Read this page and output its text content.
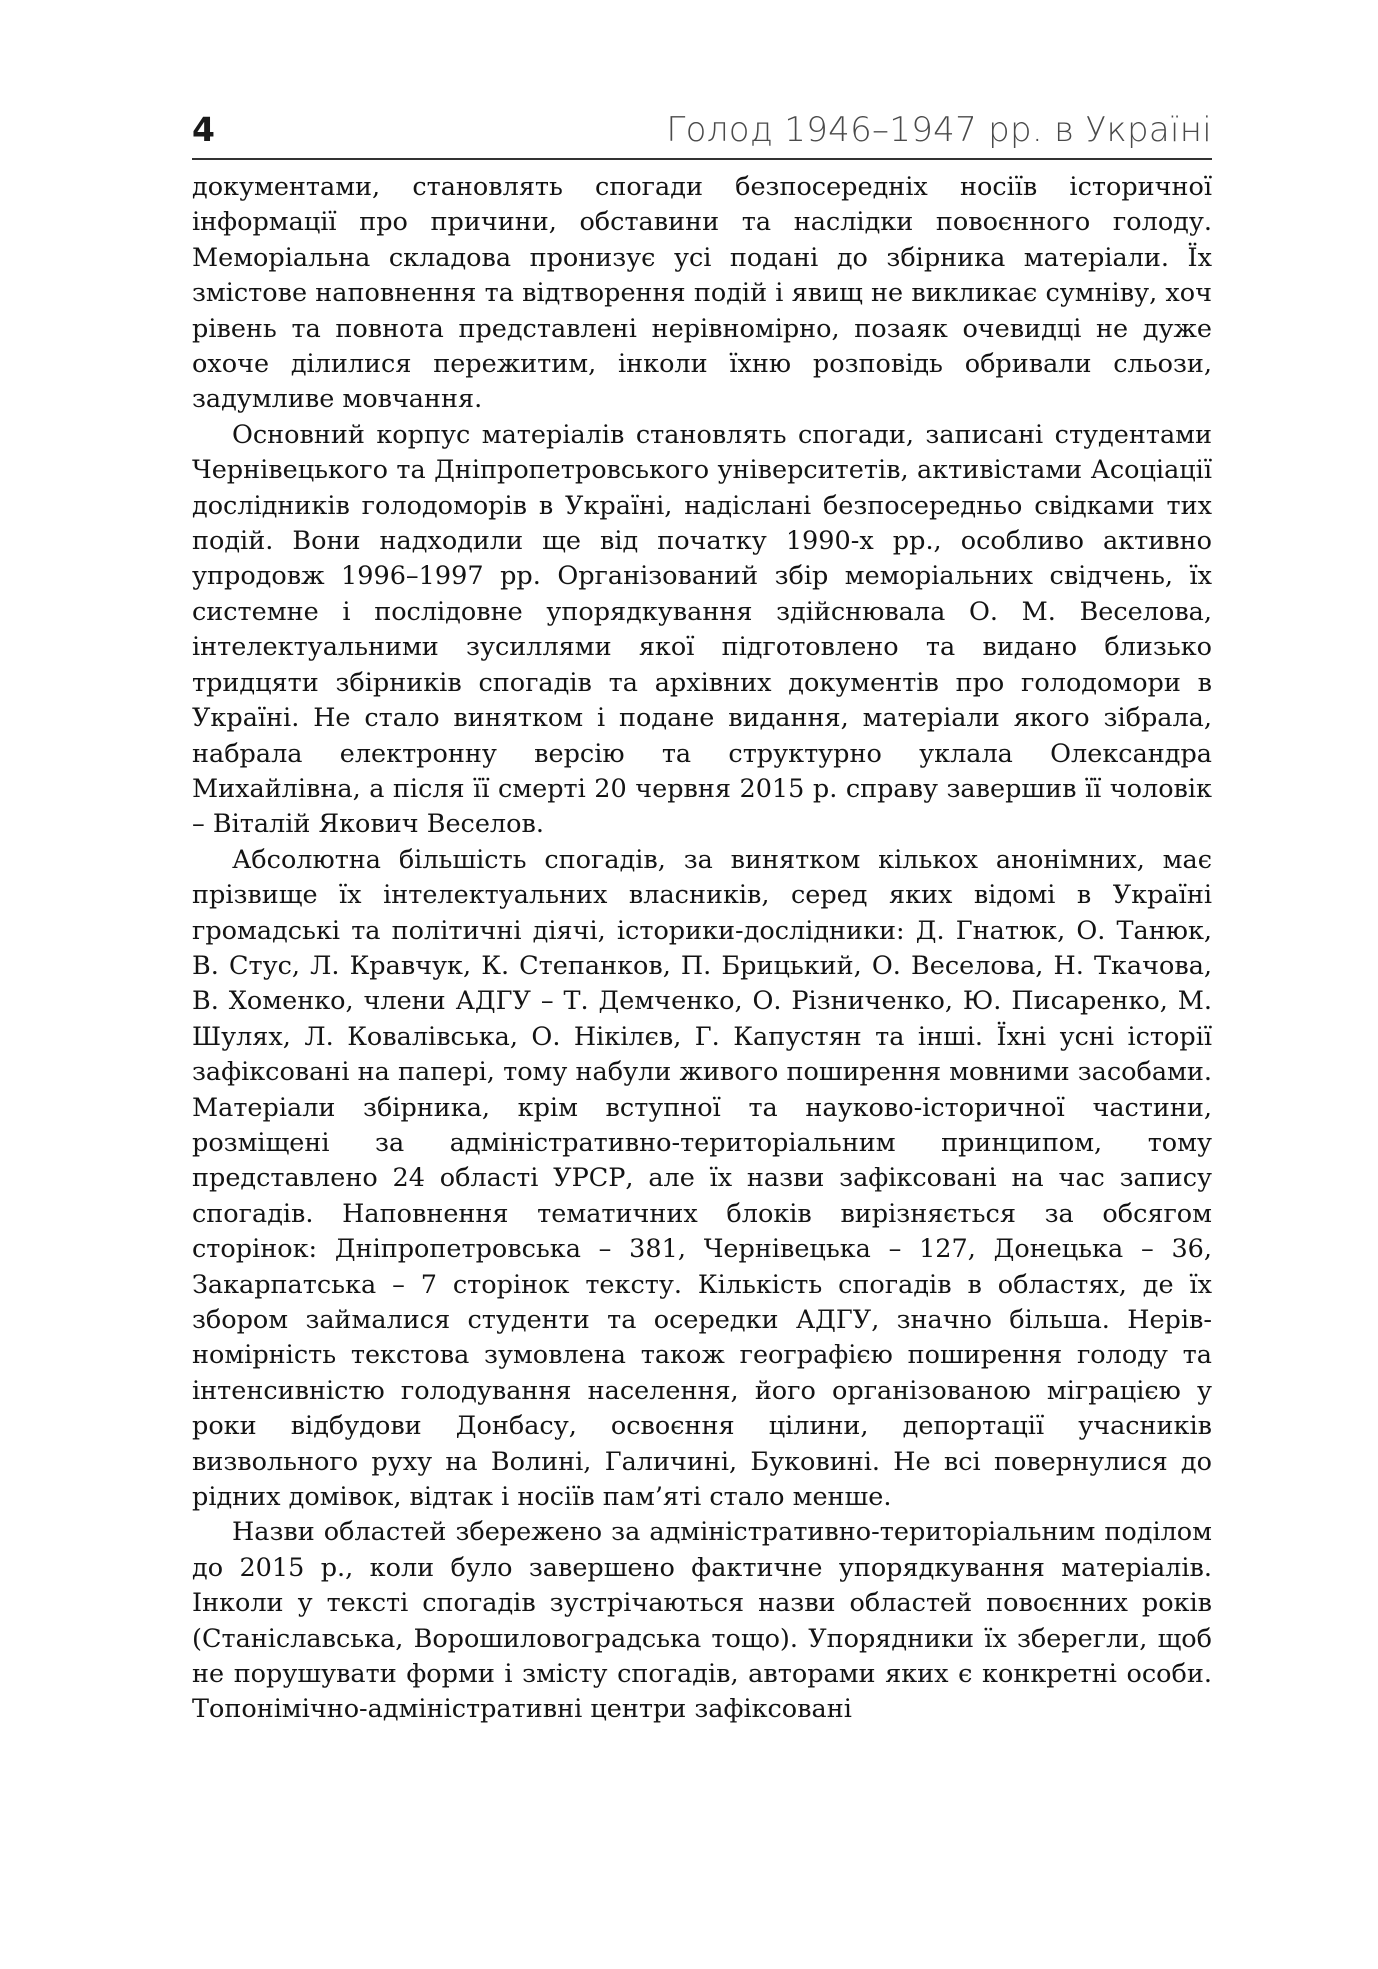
4	Голод 1946–1947 рр. в Україні

документами, становлять спогади безпосередніх носіїв історичної інформації про причини, обставини та наслідки повоєнного голоду. Меморіальна складова пронизує усі подані до збірника матеріали. Їх змістове наповнення та відтворення подій і явищ не викликає сумніву, хоч рівень та повнота представлені нерівномірно, позаяк очевидці не дуже охоче ділилися пережитим, інколи їхню розповідь обривали сльози, задумливе мовчання.

Основний корпус матеріалів становлять спогади, записані студентами Чернівецького та Дніпропетровського університетів, активістами Асоціації дослідників голодоморів в Україні, надіслані безпосередньо свідками тих подій. Вони надходили ще від початку 1990-х рр., особливо активно упродовж 1996–1997 рр. Організований збір меморіальних свідчень, їх системне і послідовне упорядкування здійснювала О. М. Веселова, інтелектуальними зусиллями якої підготовлено та видано близько тридцяти збірників спогадів та архівних документів про голодомори в Україні. Не стало винятком і подане видання, матеріали якого зібрала, набрала електронну версію та структурно уклала Олександра Михайлівна, а після її смерті 20 червня 2015 р. справу завершив її чоловік – Віталій Якович Веселов.

Абсолютна більшість спогадів, за винятком кількох анонімних, має прізвище їх інтелектуальних власників, серед яких відомі в Україні громадські та політичні діячі, історики-дослідники: Д. Гнатюк, О. Танюк, В. Стус, Л. Кравчук, К. Степанков, П. Брицький, О. Веселова, Н. Ткачова, В. Хоменко, члени АДГУ – Т. Демченко, О. Різниченко, Ю. Писаренко, М. Шулях, Л. Ковалівська, О. Нікілєв, Г. Капустян та інші. Їхні усні історії зафіксовані на папері, тому набули живого поширення мовними засобами. Матеріали збірника, крім вступної та науково-історичної частини, розміщені за адміністративно-територіальним принципом, тому представлено 24 області УРСР, але їх назви зафіксовані на час запису спогадів. Наповнення тематичних блоків вирізняється за обсягом сторінок: Дніпропетровська – 381, Чернівецька – 127, Донецька – 36, Закарпатська – 7 сторінок тексту. Кількість спогадів в областях, де їх збором займалися студенти та осередки АДГУ, значно більша. Нерівномірність текстова зумовлена також географією поширення голоду та інтенсивністю голодування населення, його організованою міграцією у роки відбудови Донбасу, освоєння цілини, депортації учасників визвольного руху на Волині, Галичині, Буковині. Не всі повернулися до рідних домівок, відтак і носіїв пам’яті стало менше.

Назви областей збережено за адміністративно-територіальним поділом до 2015 р., коли було завершено фактичне упорядкування матеріалів. Інколи у тексті спогадів зустрічаються назви областей повоєнних років (Станіславська, Ворошиловоградська тощо). Упорядники їх зберегли, щоб не порушувати форми і змісту спогадів, авторами яких є конкретні особи. Топонімічно-адміністративні центри зафіксовані
